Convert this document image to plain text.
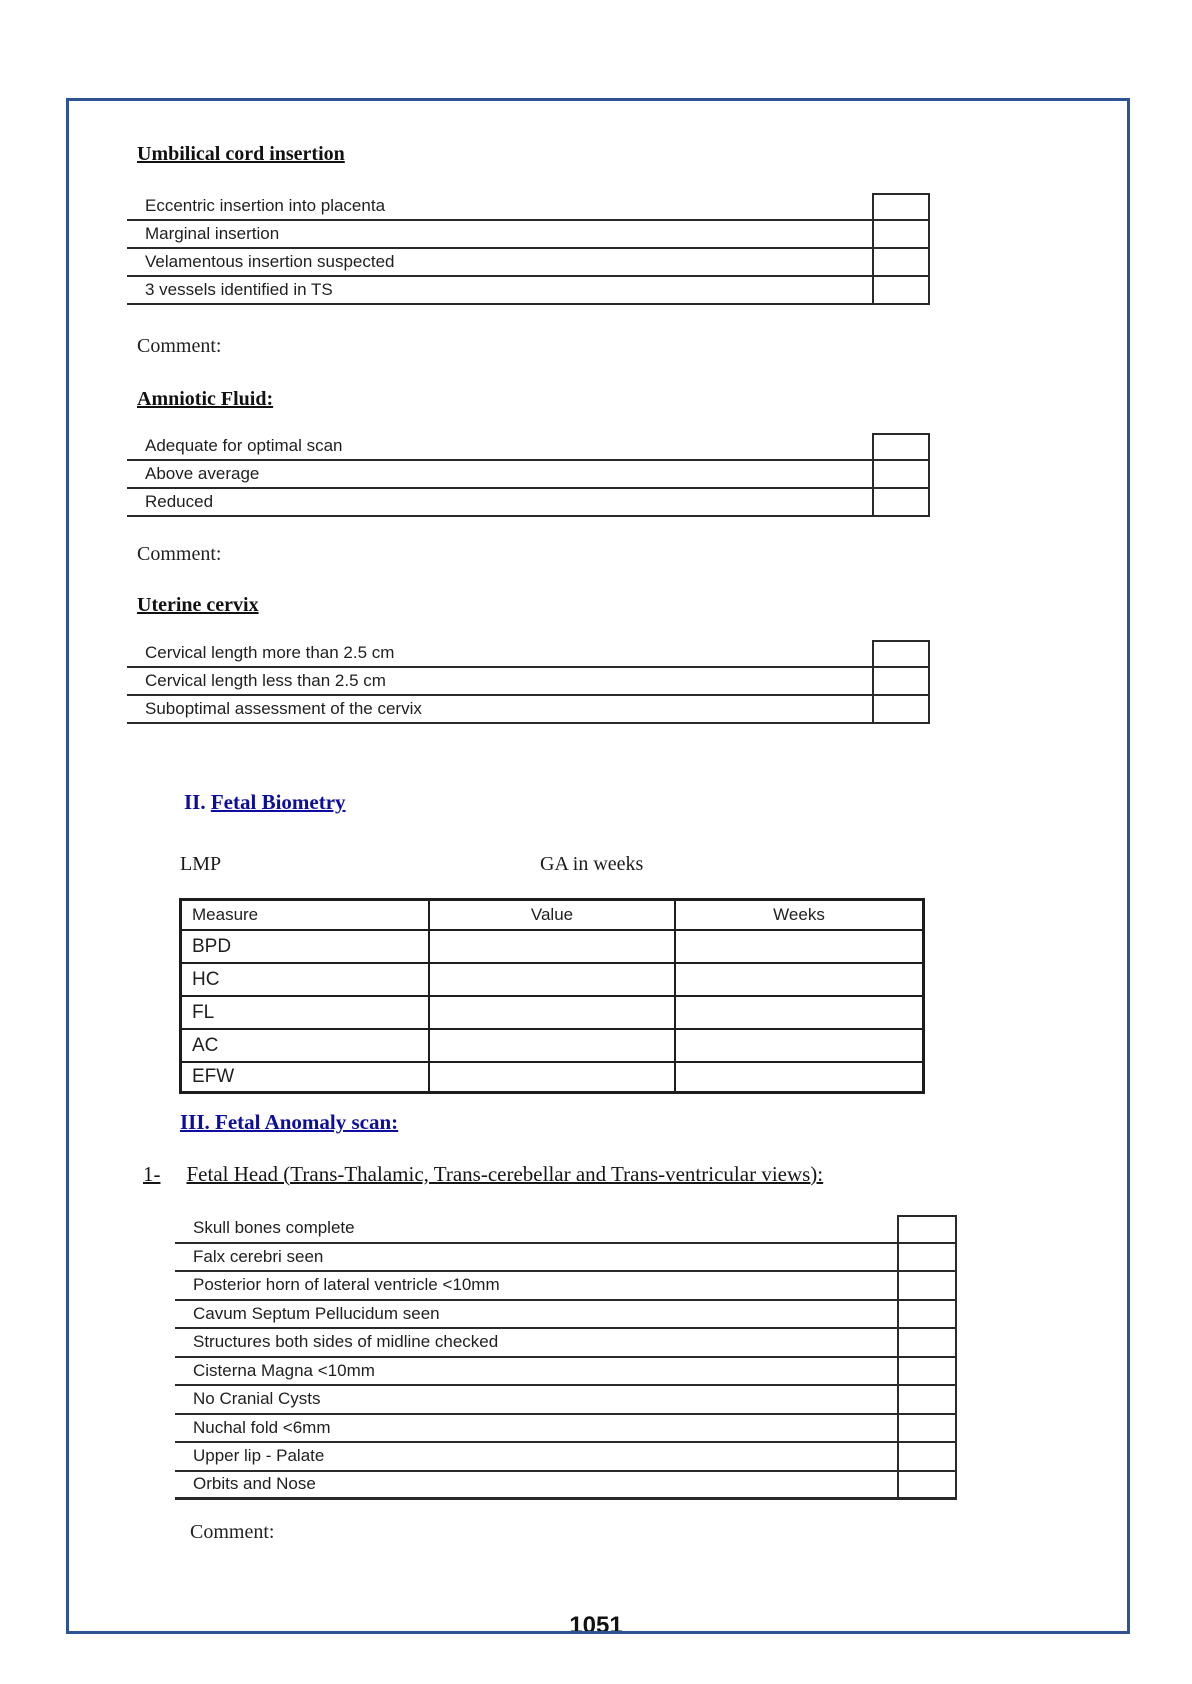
1051
Umbilical cord insertion
Eccentric insertion into placenta
Marginal insertion
Velamentous insertion suspected
3 vessels identified in TS
Comment:
Amniotic Fluid:
Adequate for optimal scan
Above average
Reduced
Comment:
Uterine cervix
Cervical length more than 2.5 cm
Cervical length less than 2.5 cm
Suboptimal assessment of the cervix
II. Fetal Biometry
LMP	GA in weeks
Measure	Value	Weeks
BPD
HC
FL
AC
EFW
III. Fetal Anomaly scan:
1- Fetal Head (Trans-Thalamic, Trans-cerebellar and Trans-ventricular views):
Skull bones complete
Falx cerebri seen
Posterior horn of lateral ventricle <10mm
Cavum Septum Pellucidum seen
Structures both sides of midline checked
Cisterna Magna <10mm
No Cranial Cysts
Nuchal fold <6mm
Upper lip - Palate
Orbits and Nose
Comment:
